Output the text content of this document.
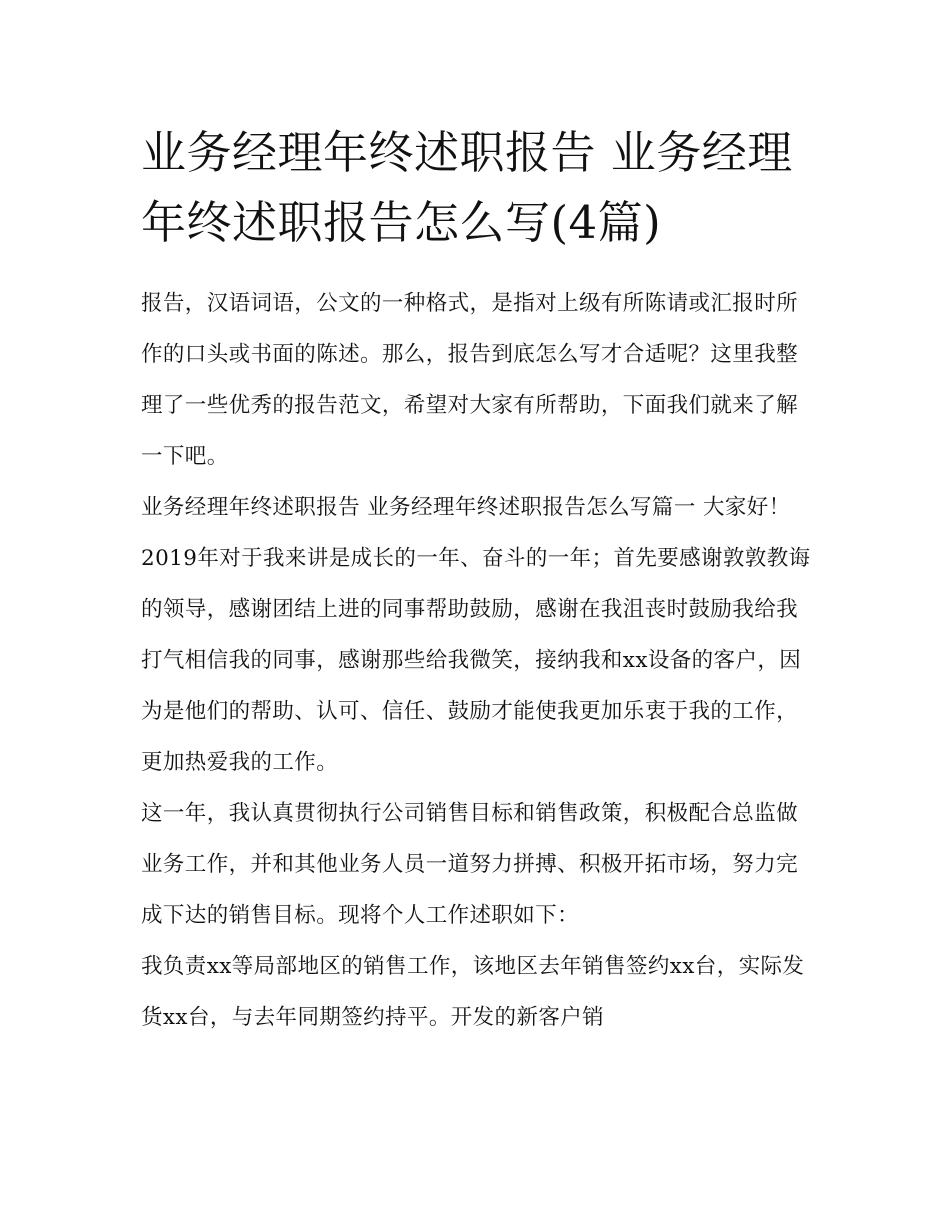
业务经理年终述职报告 业务经理年终述职报告怎么写(4篇)

报告，汉语词语，公文的一种格式，是指对上级有所陈请或汇报时所作的口头或书面的陈述。那么，报告到底怎么写才合适呢？这里我整理了一些优秀的报告范文，希望对大家有所帮助，下面我们就来了解一下吧。

业务经理年终述职报告 业务经理年终述职报告怎么写篇一 大家好！

2019年对于我来讲是成长的一年、奋斗的一年；首先要感谢敦敦教诲的领导，感谢团结上进的同事帮助鼓励，感谢在我沮丧时鼓励我给我打气相信我的同事，感谢那些给我微笑，接纳我和xx设备的客户，因为是他们的帮助、认可、信任、鼓励才能使我更加乐衷于我的工作，更加热爱我的工作。

这一年，我认真贯彻执行公司销售目标和销售政策，积极配合总监做业务工作，并和其他业务人员一道努力拼搏、积极开拓市场，努力完成下达的销售目标。现将个人工作述职如下：

我负责xx等局部地区的销售工作，该地区去年销售签约xx台，实际发货xx台，与去年同期签约持平。开发的新客户销
